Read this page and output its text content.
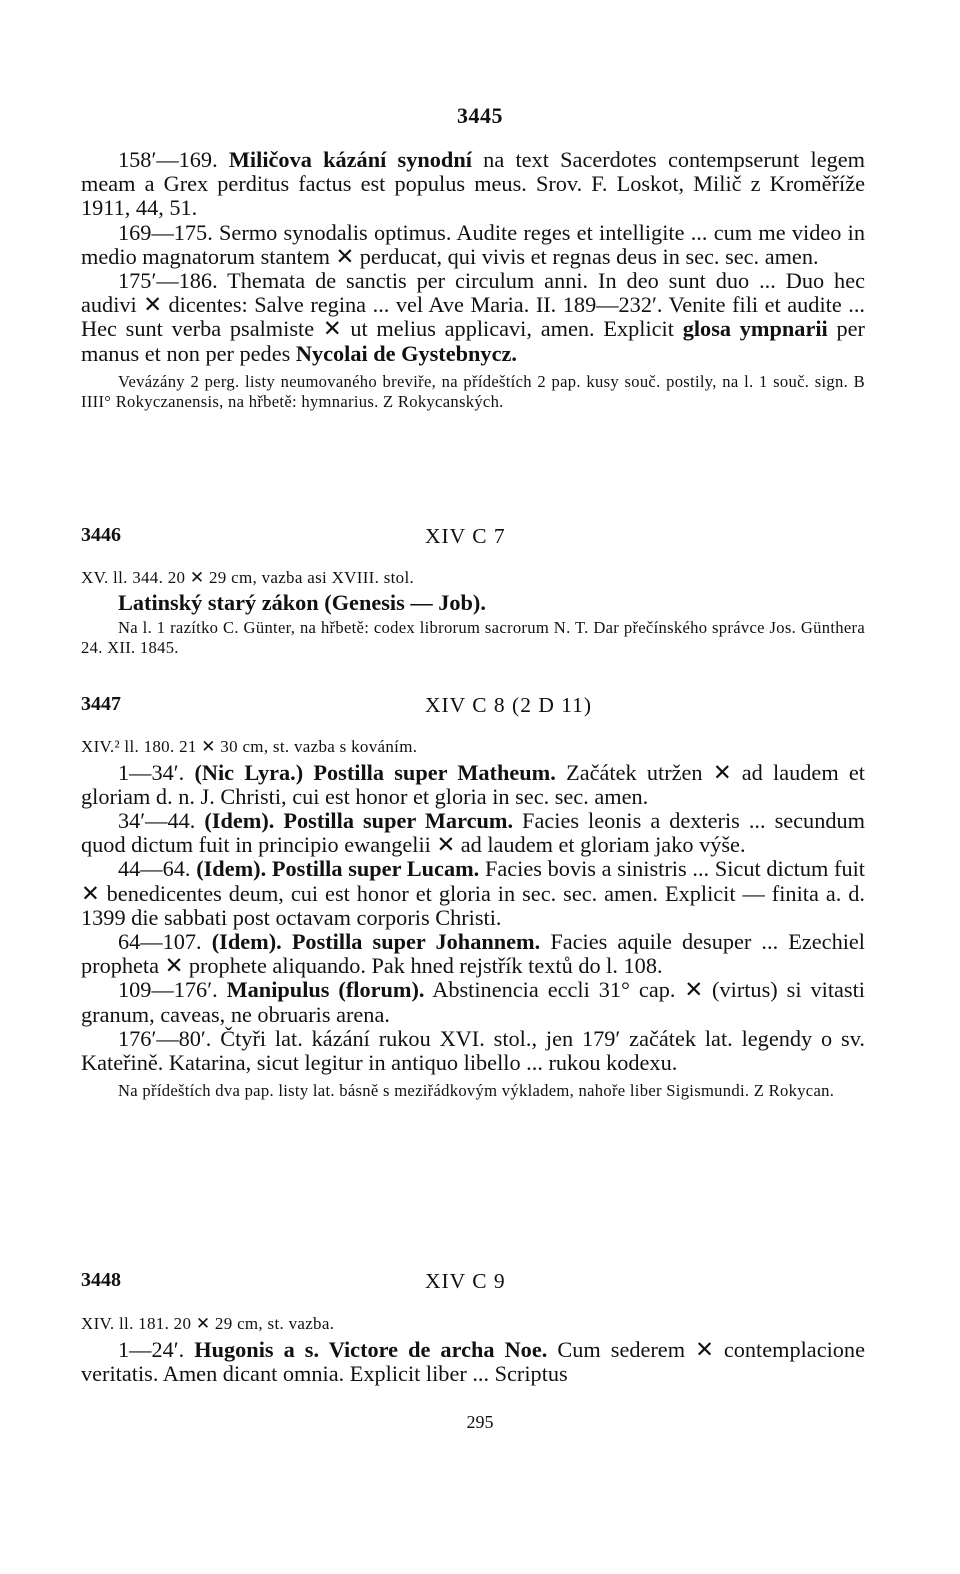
3445

158′—169. Miličova kázání synodní na text Sacerdotes contempserunt legem meam a Grex perditus factus est populus meus. Srov. F. Loskot, Milič z Kroměříže 1911, 44, 51.

169—175. Sermo synodalis optimus. Audite reges et intelligite ... cum me video in medio magnatorum stantem ✕ perducat, qui vivis et regnas deus in sec. sec. amen.

175′—186. Themata de sanctis per circulum anni. In deo sunt duo ... Duo hec audivi ✕ dicentes: Salve regina ... vel Ave Maria. II. 189—232′. Venite fili et audite ... Hec sunt verba psalmiste ✕ ut melius applicavi, amen. Explicit glosa ympnarii per manus et non per pedes Nycolai de Gystebnycz.

Vevázány 2 perg. listy neumovaného breviře, na přídeštích 2 pap. kusy souč. postily, na l. 1 souč. sign. B IIII° Rokyczanensis, na hřbetě: hymnarius. Z Rokycanských.

3446	XIV C 7

XV. ll. 344. 20 ✕ 29 cm, vazba asi XVIII. stol.

Latinský starý zákon (Genesis — Job).

Na l. 1 razítko C. Günter, na hřbetě: codex librorum sacrorum N. T. Dar přečínského správce Jos. Günthera 24. XII. 1845.

3447	XIV C 8 (2 D 11)

XIV.² ll. 180. 21 ✕ 30 cm, st. vazba s kováním.

1—34′. (Nic Lyra.) Postilla super Matheum. Začátek utržen ✕ ad laudem et gloriam d. n. J. Christi, cui est honor et gloria in sec. sec. amen.

34′—44. (Idem). Postilla super Marcum. Facies leonis a dexteris ... secundum quod dictum fuit in principio ewangelii ✕ ad laudem et gloriam jako výše.

44—64. (Idem). Postilla super Lucam. Facies bovis a sinistris ... Sicut dictum fuit ✕ benedicentes deum, cui est honor et gloria in sec. sec. amen. Explicit — finita a. d. 1399 die sabbati post octavam corporis Christi.

64—107. (Idem). Postilla super Johannem. Facies aquile desuper ... Ezechiel propheta ✕ prophete aliquando. Pak hned rejstřík textů do l. 108.

109—176′. Manipulus (florum). Abstinencia eccli 31° cap. ✕ (virtus) si vitasti granum, caveas, ne obruaris arena.

176′—80′. Čtyři lat. kázání rukou XVI. stol., jen 179′ začátek lat. legendy o sv. Kateřině. Katarina, sicut legitur in antiquo libello ... rukou kodexu.

Na přídeštích dva pap. listy lat. básně s meziřádkovým výkladem, nahoře liber Sigismundi. Z Rokycan.

3448	XIV C 9

XIV. ll. 181. 20 ✕ 29 cm, st. vazba.

1—24′. Hugonis a s. Victore de archa Noe. Cum sederem ✕ contemplacione veritatis. Amen dicant omnia. Explicit liber ... Scriptus

295
